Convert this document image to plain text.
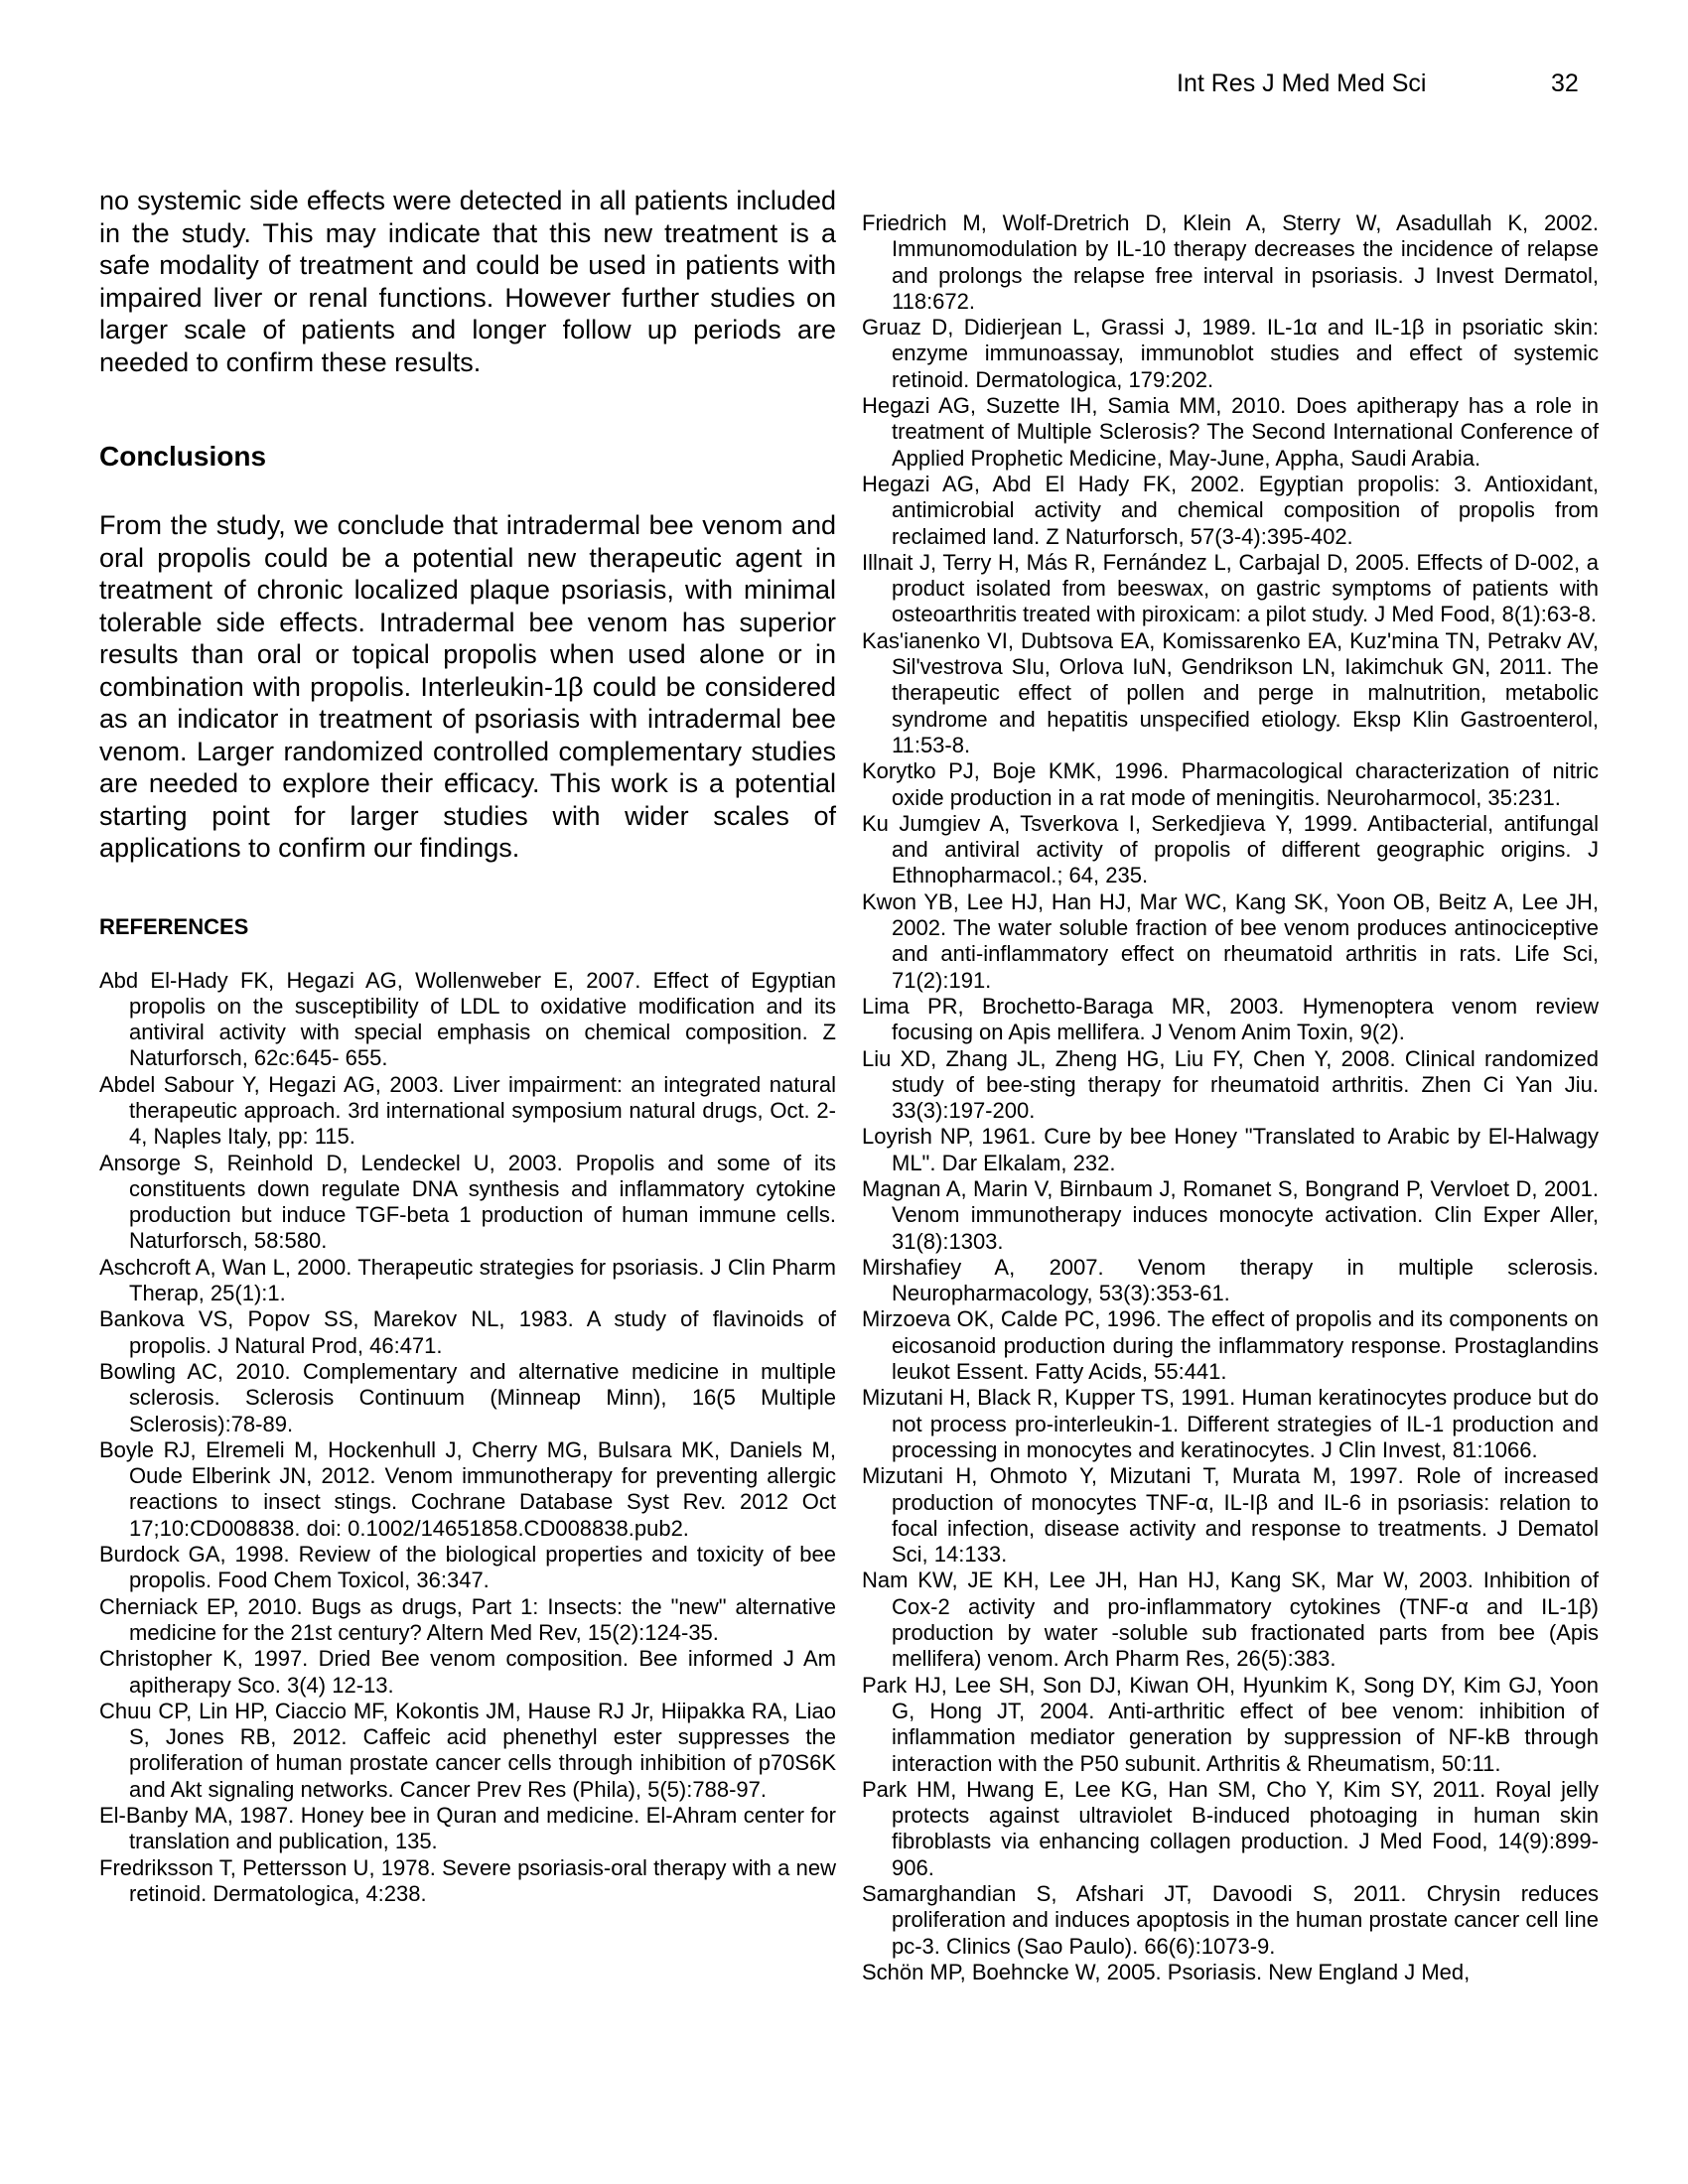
Int Res J Med Med Sci	32

no systemic side effects were detected in all patients included in the study. This may indicate that this new treatment is a safe modality of treatment and could be used in patients with impaired liver or renal functions. However further studies on larger scale of patients and longer follow up periods are needed to confirm these results.

Conclusions

From the study, we conclude that intradermal bee venom and oral propolis could be a potential new therapeutic agent in treatment of chronic localized plaque psoriasis, with minimal tolerable side effects. Intradermal bee venom has superior results than oral or topical propolis when used alone or in combination with propolis. Interleukin-1β could be considered as an indicator in treatment of psoriasis with intradermal bee venom. Larger randomized controlled complementary studies are needed to explore their efficacy. This work is a potential starting point for larger studies with wider scales of applications to confirm our findings.

REFERENCES

Abd El-Hady FK, Hegazi AG, Wollenweber E, 2007. Effect of Egyptian propolis on the susceptibility of LDL to oxidative modification and its antiviral activity with special emphasis on chemical composition. Z Naturforsch, 62c:645- 655.

Abdel Sabour Y, Hegazi AG, 2003. Liver impairment: an integrated natural therapeutic approach. 3rd international symposium natural drugs, Oct. 2-4, Naples Italy, pp: 115.

Ansorge S, Reinhold D, Lendeckel U, 2003. Propolis and some of its constituents down regulate DNA synthesis and inflammatory cytokine production but induce TGF-beta 1 production of human immune cells. Naturforsch, 58:580.

Aschcroft A, Wan L, 2000. Therapeutic strategies for psoriasis. J Clin Pharm Therap, 25(1):1.

Bankova VS, Popov SS, Marekov NL, 1983. A study of flavinoids of propolis. J Natural Prod, 46:471.

Bowling AC, 2010. Complementary and alternative medicine in multiple sclerosis. Sclerosis Continuum (Minneap Minn), 16(5 Multiple Sclerosis):78-89.

Boyle RJ, Elremeli M, Hockenhull J, Cherry MG, Bulsara MK, Daniels M, Oude Elberink JN, 2012. Venom immunotherapy for preventing allergic reactions to insect stings. Cochrane Database Syst Rev. 2012 Oct 17;10:CD008838. doi: 0.1002/14651858.CD008838.pub2.

Burdock GA, 1998. Review of the biological properties and toxicity of bee propolis. Food Chem Toxicol, 36:347.

Cherniack EP, 2010. Bugs as drugs, Part 1: Insects: the "new" alternative medicine for the 21st century? Altern Med Rev, 15(2):124-35.

Christopher K, 1997. Dried Bee venom composition. Bee informed J Am apitherapy Sco. 3(4) 12-13.

Chuu CP, Lin HP, Ciaccio MF, Kokontis JM, Hause RJ Jr, Hiipakka RA, Liao S, Jones RB, 2012. Caffeic acid phenethyl ester suppresses the proliferation of human prostate cancer cells through inhibition of p70S6K and Akt signaling networks. Cancer Prev Res (Phila), 5(5):788-97.

El-Banby MA, 1987. Honey bee in Quran and medicine. El-Ahram center for translation and publication, 135.

Fredriksson T, Pettersson U, 1978. Severe psoriasis-oral therapy with a new retinoid. Dermatologica, 4:238.

Friedrich M, Wolf-Dretrich D, Klein A, Sterry W, Asadullah K, 2002. Immunomodulation by IL-10 therapy decreases the incidence of relapse and prolongs the relapse free interval in psoriasis. J Invest Dermatol, 118:672.

Gruaz D, Didierjean L, Grassi J, 1989. IL-1α and IL-1β in psoriatic skin: enzyme immunoassay, immunoblot studies and effect of systemic retinoid. Dermatologica, 179:202.

Hegazi AG, Suzette IH, Samia MM, 2010. Does apitherapy has a role in treatment of Multiple Sclerosis? The Second International Conference of Applied Prophetic Medicine, May-June, Appha, Saudi Arabia.

Hegazi AG, Abd El Hady FK, 2002. Egyptian propolis: 3. Antioxidant, antimicrobial activity and chemical composition of propolis from reclaimed land. Z Naturforsch, 57(3-4):395-402.

Illnait J, Terry H, Más R, Fernández L, Carbajal D, 2005. Effects of D-002, a product isolated from beeswax, on gastric symptoms of patients with osteoarthritis treated with piroxicam: a pilot study. J Med Food, 8(1):63-8.

Kas'ianenko VI, Dubtsova EA, Komissarenko EA, Kuz'mina TN, Petrakv AV, Sil'vestrova SIu, Orlova IuN, Gendrikson LN, Iakimchuk GN, 2011. The therapeutic effect of pollen and perge in malnutrition, metabolic syndrome and hepatitis unspecified etiology. Eksp Klin Gastroenterol, 11:53-8.

Korytko PJ, Boje KMK, 1996. Pharmacological characterization of nitric oxide production in a rat mode of meningitis. Neuroharmocol, 35:231.

Ku Jumgiev A, Tsverkova I, Serkedjieva Y, 1999. Antibacterial, antifungal and antiviral activity of propolis of different geographic origins. J Ethnopharmacol.; 64, 235.

Kwon YB, Lee HJ, Han HJ, Mar WC, Kang SK, Yoon OB, Beitz A, Lee JH, 2002. The water soluble fraction of bee venom produces antinociceptive and anti-inflammatory effect on rheumatoid arthritis in rats. Life Sci, 71(2):191.

Lima PR, Brochetto-Baraga MR, 2003. Hymenoptera venom review focusing on Apis mellifera. J Venom Anim Toxin, 9(2).

Liu XD, Zhang JL, Zheng HG, Liu FY, Chen Y, 2008. Clinical randomized study of bee-sting therapy for rheumatoid arthritis. Zhen Ci Yan Jiu. 33(3):197-200.

Loyrish NP, 1961. Cure by bee Honey "Translated to Arabic by El-Halwagy ML". Dar Elkalam, 232.

Magnan A, Marin V, Birnbaum J, Romanet S, Bongrand P, Vervloet D, 2001. Venom immunotherapy induces monocyte activation. Clin Exper Aller, 31(8):1303.

Mirshafiey A, 2007. Venom therapy in multiple sclerosis. Neuropharmacology, 53(3):353-61.

Mirzoeva OK, Calde PC, 1996. The effect of propolis and its components on eicosanoid production during the inflammatory response. Prostaglandins leukot Essent. Fatty Acids, 55:441.

Mizutani H, Black R, Kupper TS, 1991. Human keratinocytes produce but do not process pro-interleukin-1. Different strategies of IL-1 production and processing in monocytes and keratinocytes. J Clin Invest, 81:1066.

Mizutani H, Ohmoto Y, Mizutani T, Murata M, 1997. Role of increased production of monocytes TNF-α, IL-Iβ and IL-6 in psoriasis: relation to focal infection, disease activity and response to treatments. J Dematol Sci, 14:133.

Nam KW, JE KH, Lee JH, Han HJ, Kang SK, Mar W, 2003. Inhibition of Cox-2 activity and pro-inflammatory cytokines (TNF-α and IL-1β) production by water -soluble sub fractionated parts from bee (Apis mellifera) venom. Arch Pharm Res, 26(5):383.

Park HJ, Lee SH, Son DJ, Kiwan OH, Hyunkim K, Song DY, Kim GJ, Yoon G, Hong JT, 2004. Anti-arthritic effect of bee venom: inhibition of inflammation mediator generation by suppression of NF-kB through interaction with the P50 subunit. Arthritis & Rheumatism, 50:11.

Park HM, Hwang E, Lee KG, Han SM, Cho Y, Kim SY, 2011. Royal jelly protects against ultraviolet B-induced photoaging in human skin fibroblasts via enhancing collagen production. J Med Food, 14(9):899-906.

Samarghandian S, Afshari JT, Davoodi S, 2011. Chrysin reduces proliferation and induces apoptosis in the human prostate cancer cell line pc-3. Clinics (Sao Paulo). 66(6):1073-9.

Schön MP, Boehncke W, 2005. Psoriasis. New England J Med,
